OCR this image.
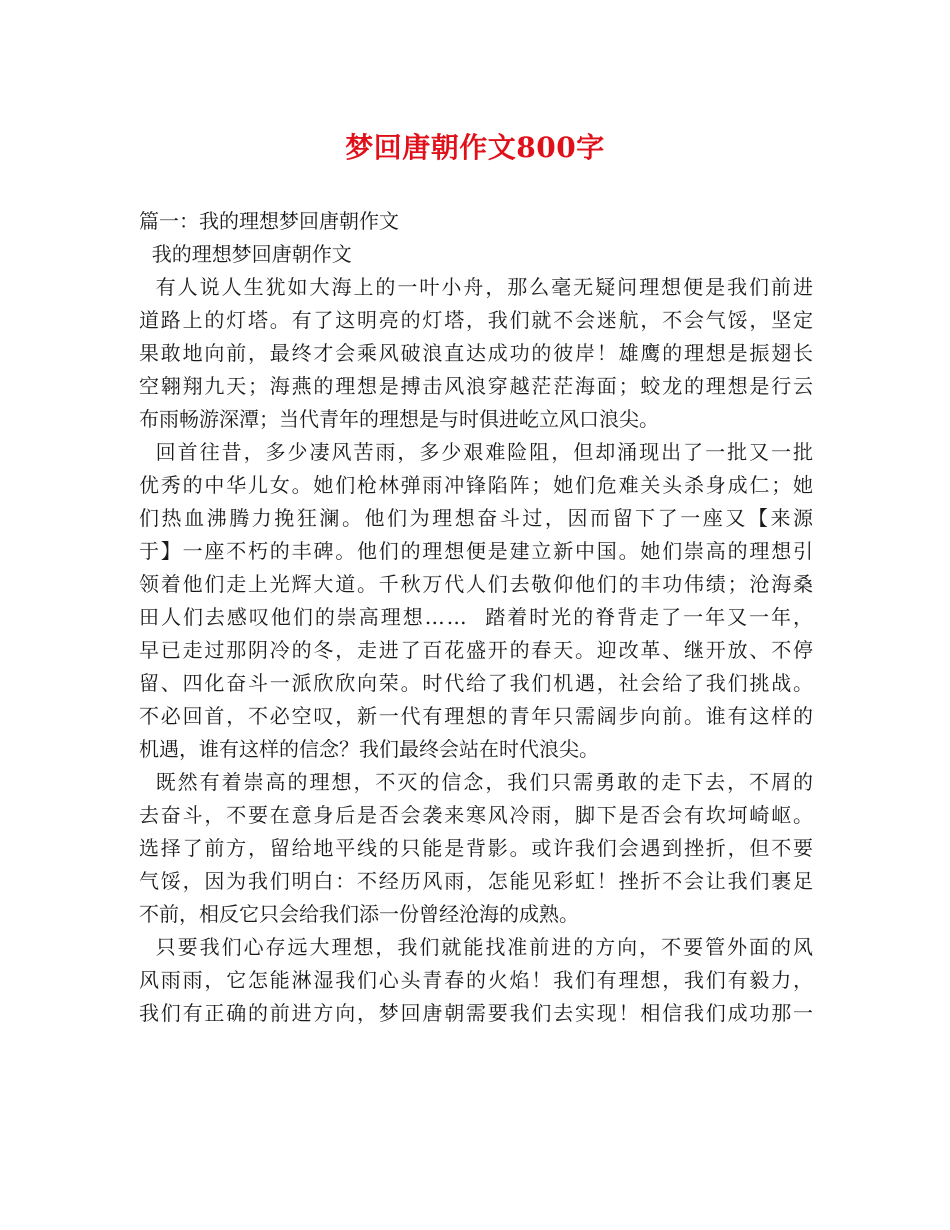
梦回唐朝作文800字
篇一：我的理想梦回唐朝作文
我的理想梦回唐朝作文
有人说人生犹如大海上的一叶小舟，那么毫无疑问理想便是我们前进
道路上的灯塔。有了这明亮的灯塔，我们就不会迷航，不会气馁，坚定
果敢地向前，最终才会乘风破浪直达成功的彼岸！雄鹰的理想是振翅长
空翱翔九天；海燕的理想是搏击风浪穿越茫茫海面；蛟龙的理想是行云
布雨畅游深潭；当代青年的理想是与时俱进屹立风口浪尖。
回首往昔，多少凄风苦雨，多少艰难险阻，但却涌现出了一批又一批
优秀的中华儿女。她们枪林弹雨冲锋陷阵；她们危难关头杀身成仁；她
们热血沸腾力挽狂澜。他们为理想奋斗过，因而留下了一座又【来源
于】一座不朽的丰碑。他们的理想便是建立新中国。她们崇高的理想引
领着他们走上光辉大道。千秋万代人们去敬仰他们的丰功伟绩；沧海桑
田人们去感叹他们的崇高理想……  踏着时光的脊背走了一年又一年，
早已走过那阴冷的冬，走进了百花盛开的春天。迎改革、继开放、不停
留、四化奋斗一派欣欣向荣。时代给了我们机遇，社会给了我们挑战。
不必回首，不必空叹，新一代有理想的青年只需阔步向前。谁有这样的
机遇，谁有这样的信念？我们最终会站在时代浪尖。
既然有着崇高的理想，不灭的信念，我们只需勇敢的走下去，不屑的
去奋斗，不要在意身后是否会袭来寒风冷雨，脚下是否会有坎坷崎岖。
选择了前方，留给地平线的只能是背影。或许我们会遇到挫折，但不要
气馁，因为我们明白：不经历风雨，怎能见彩虹！挫折不会让我们裹足
不前，相反它只会给我们添一份曾经沧海的成熟。
只要我们心存远大理想，我们就能找准前进的方向，不要管外面的风
风雨雨，它怎能淋湿我们心头青春的火焰！我们有理想，我们有毅力，
我们有正确的前进方向，梦回唐朝需要我们去实现！相信我们成功那一
